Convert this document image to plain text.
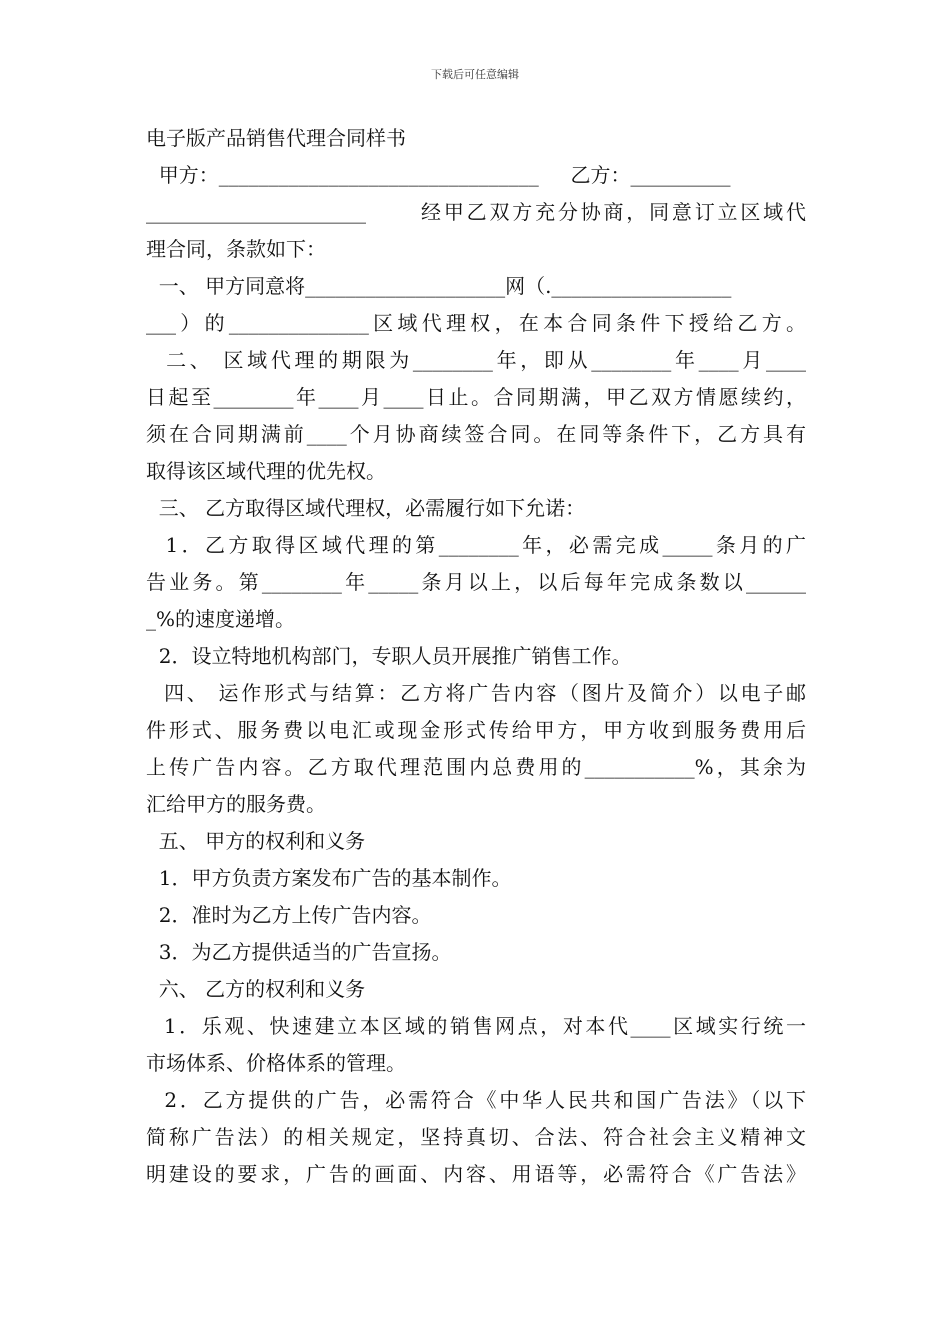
下载后可任意编辑
电子版产品销售代理合同样书
甲方：________________________________     乙方：__________
______________________      经甲乙双方充分协商，同意订立区域代
理合同，条款如下：
一、 甲方同意将____________________网（.__________________
___）的______________区域代理权，在本合同条件下授给乙方。
二、 区域代理的期限为________年，即从________年____月____
日起至________年____月____日止。合同期满，甲乙双方情愿续约，
须在合同期满前____个月协商续签合同。在同等条件下，乙方具有
取得该区域代理的优先权。
三、 乙方取得区域代理权，必需履行如下允诺：
1．乙方取得区域代理的第________年，必需完成_____条月的广
告业务。第________年_____条月以上，以后每年完成条数以______
_%的速度递增。
2．设立特地机构部门，专职人员开展推广销售工作。
四、 运作形式与结算：乙方将广告内容（图片及简介）以电子邮
件形式、服务费以电汇或现金形式传给甲方，甲方收到服务费用后
上传广告内容。乙方取代理范围内总费用的___________%，其余为
汇给甲方的服务费。
五、 甲方的权利和义务
1．甲方负责方案发布广告的基本制作。
2．准时为乙方上传广告内容。
3．为乙方提供适当的广告宣扬。
六、 乙方的权利和义务
1．乐观、快速建立本区域的销售网点，对本代____区域实行统一
市场体系、价格体系的管理。
2．乙方提供的广告，必需符合《中华人民共和国广告法》（以下
简称广告法）的相关规定，坚持真切、合法、符合社会主义精神文
明建设的要求，广告的画面、内容、用语等，必需符合《广告法》
